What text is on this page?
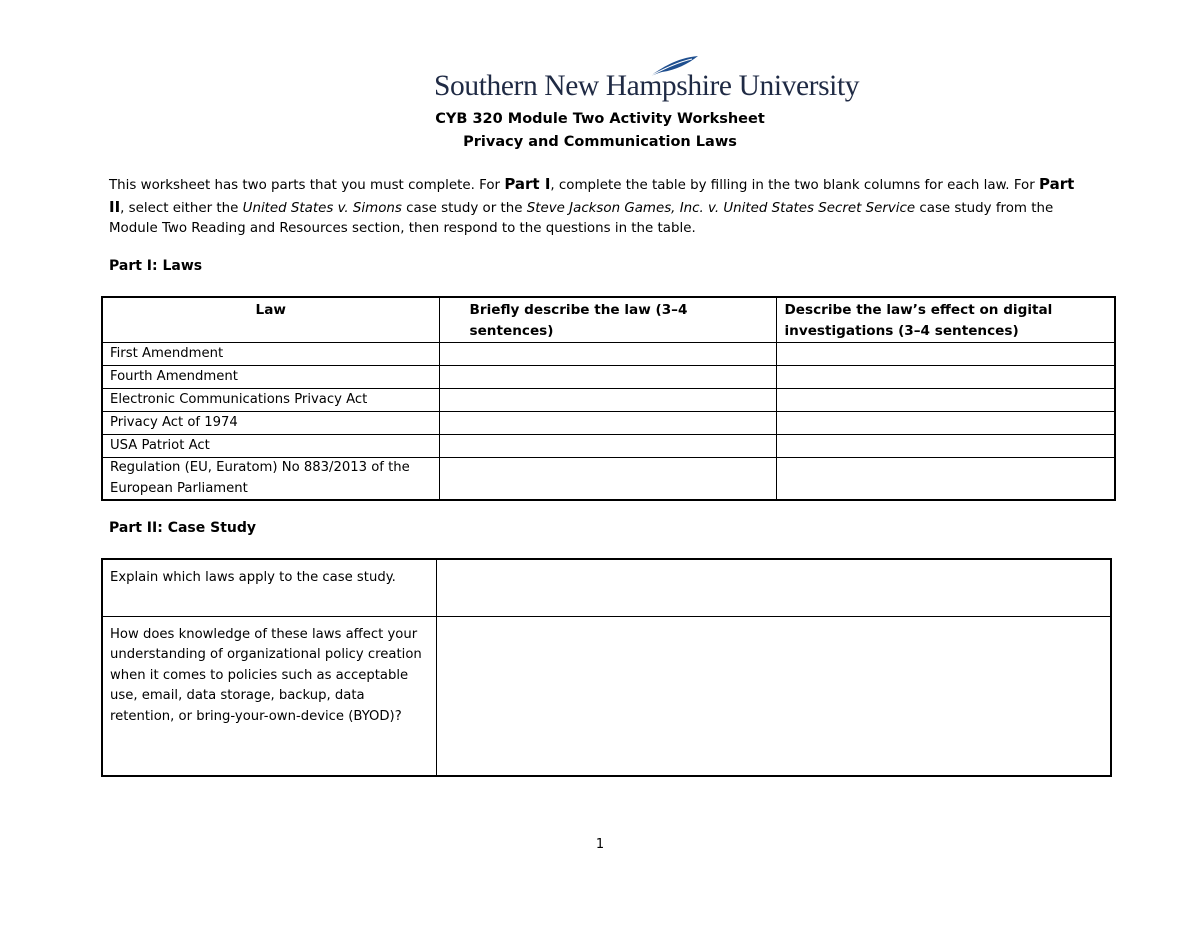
Southern New Hampshire University
CYB 320 Module Two Activity Worksheet
Privacy and Communication Laws
This worksheet has two parts that you must complete. For Part I, complete the table by filling in the two blank columns for each law. For Part II, select either the United States v. Simons case study or the Steve Jackson Games, Inc. v. United States Secret Service case study from the Module Two Reading and Resources section, then respond to the questions in the table.
Part I: Laws
Law	Briefly describe the law (3–4 sentences)	Describe the law’s effect on digital investigations (3–4 sentences)
First Amendment		
Fourth Amendment		
Electronic Communications Privacy Act		
Privacy Act of 1974		
USA Patriot Act		
Regulation (EU, Euratom) No 883/2013 of the European Parliament		
Part II: Case Study
Explain which laws apply to the case study.	
How does knowledge of these laws affect your understanding of organizational policy creation when it comes to policies such as acceptable use, email, data storage, backup, data retention, or bring-your-own-device (BYOD)?	
1
